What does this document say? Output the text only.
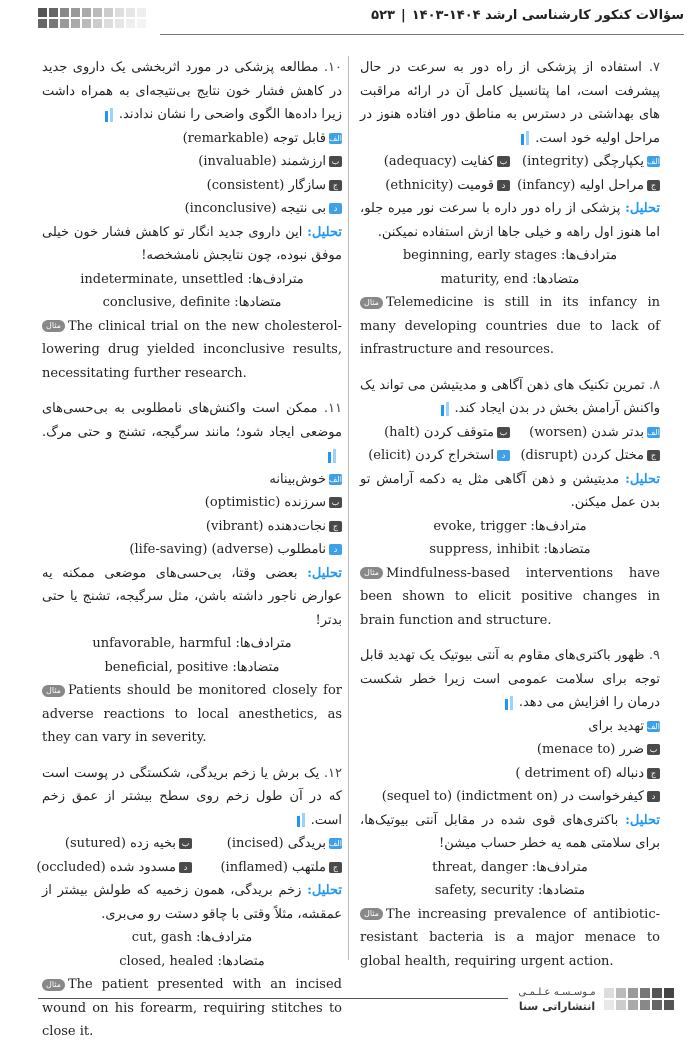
سؤالات کنکور کارشناسی ارشد ۱۴۰۴-۱۴۰۳|۵۲۳

۷. استفاده از پزشکی از راه دور به سرعت در حال پیشرفت است، اما پتانسیل کامل آن در ارائه مراقبت های بهداشتی در دسترس به مناطق دور افتاده هنوز در مراحل اولیه خود است.

الفیکپارچگی (integrity)
بکفایت (adequacy)
جمراحل اولیه (infancy)
دقومیت (ethnicity)

تحلیل: پزشکی از راه دور داره با سرعت نور میره جلو، اما هنوز اول راهه و خیلی جاها ازش استفاده نمیکنن.

مترادف‌ها: beginning, early stages
متضادها: maturity, end

مثال Telemedicine is still in its infancy in many developing countries due to lack of infrastructure and resources.

۸. تمرین تکنیک های ذهن آگاهی و مدیتیشن می تواند یک واکنش آرامش بخش در بدن ایجاد کند.

الفبدتر شدن (worsen)
بمتوقف کردن (halt)
جمختل کردن (disrupt)
داستخراج کردن (elicit)

تحلیل: مدیتیشن و ذهن آگاهی مثل یه دکمه آرامش تو بدن عمل میکنن.

مترادف‌ها: evoke, trigger
متضادها: suppress, inhibit

مثال Mindfulness-based interventions have been shown to elicit positive changes in brain function and structure.

۹. ظهور باکتری‌های مقاوم به آنتی بیوتیک یک تهدید قابل توجه برای سلامت عمومی است زیرا خطر شکست درمان را افزایش می دهد.

الفتهدید برای
بضرر (menace to)
جدنباله (detriment of )
دکیفرخواست در (indictment on) (sequel to)

تحلیل: باکتری‌های قوی شده در مقابل آنتی بیوتیک‌ها، برای سلامتی همه یه خطر حساب میشن!

مترادف‌ها: threat, danger
متضادها: safety, security

مثال The increasing prevalence of antibiotic-resistant bacteria is a major menace to global health, requiring urgent action.

۱۰. مطالعه پزشکی در مورد اثربخشی یک داروی جدید در کاهش فشار خون نتایج بی‌نتیجه‌ای به همراه داشت زیرا داده‌ها الگوی واضحی را نشان ندادند.

الفقابل توجه (remarkable)
بارزشمند (invaluable)
جسازگار (consistent)
دبی نتیجه (inconclusive)

تحلیل: این داروی جدید انگار تو کاهش فشار خون خیلی موفق نبوده، چون نتایجش نامشخصه!

مترادف‌ها: indeterminate, unsettled
متضادها: conclusive, definite

مثال The clinical trial on the new cholesterol-lowering drug yielded inconclusive results, necessitating further research.

۱۱. ممکن است واکنش‌های نامطلوبی به بی‌حسی‌های موضعی ایجاد شود؛ مانند سرگیجه، تشنج و حتی مرگ.

الفخوش‌بینانه
بسرزنده (optimistic)
جنجات‌دهنده (vibrant)
دنامطلوب (adverse) (life-saving)

تحلیل: بعضی وقتا، بی‌حسی‌های موضعی ممکنه یه عوارض ناجور داشته باشن، مثل سرگیجه، تشنج یا حتی بدتر!

مترادف‌ها: unfavorable, harmful
متضادها: beneficial, positive

مثال Patients should be monitored closely for adverse reactions to local anesthetics, as they can vary in severity.

۱۲. یک برش یا زخم بریدگی، شکستگی در پوست است که در آن طول زخم روی سطح بیشتر از عمق زخم است.

الفبریدگی (incised)
ببخیه زده (sutured)
جملتهب (inflamed)
دمسدود شده (occluded)

تحلیل: زخم بریدگی، همون زخمیه که طولش بیشتر از عمقشه، مثلاً وقتی با چاقو دستت رو می‌بری.

مترادف‌ها: cut, gash
متضادها: closed, healed

مثال The patient presented with an incised wound on his forearm, requiring stitches to close it.

مـوسـسـه عـلـمـی
انتشاراتی سنا
